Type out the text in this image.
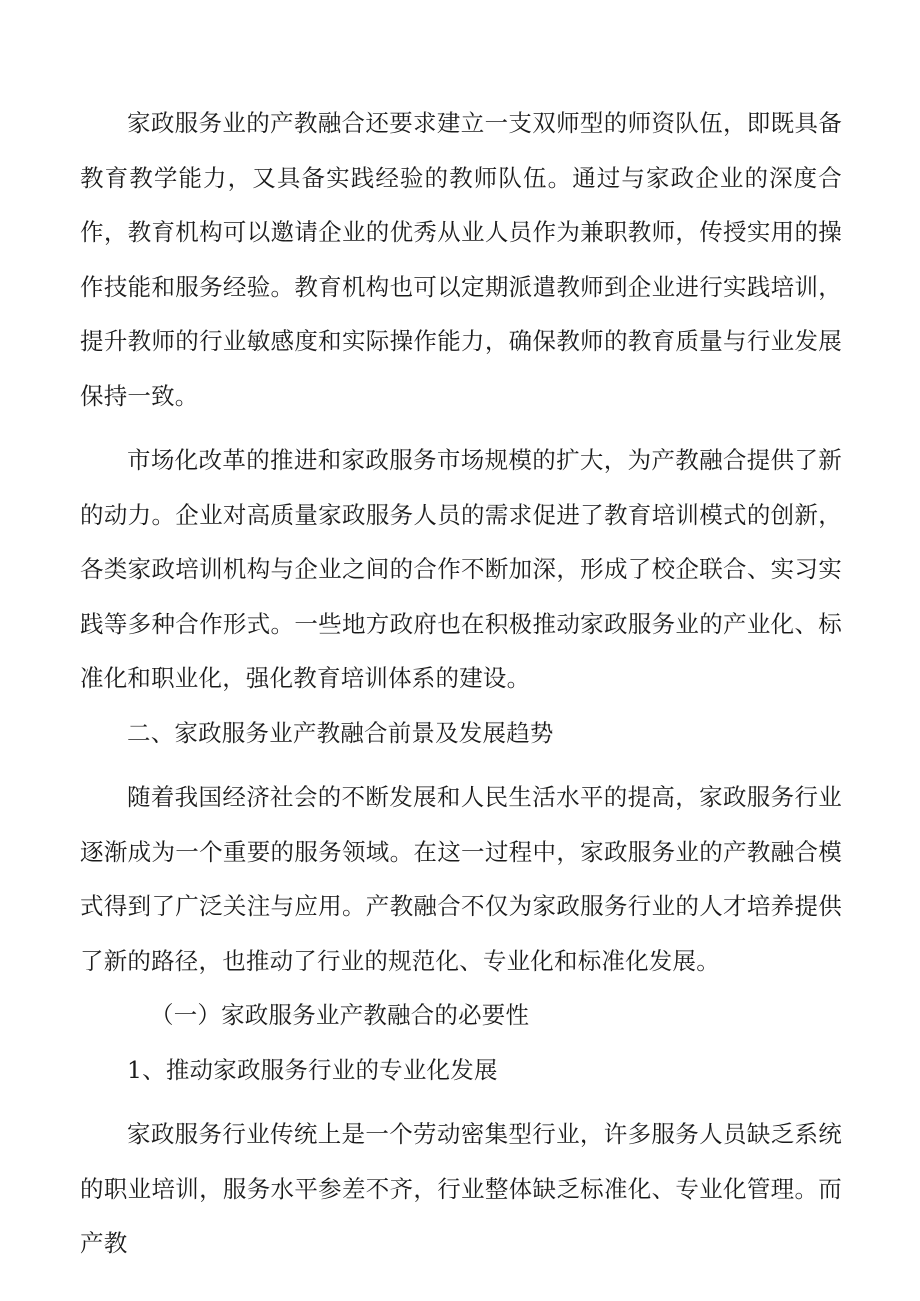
家政服务业的产教融合还要求建立一支双师型的师资队伍，即既具备教育教学能力，又具备实践经验的教师队伍。通过与家政企业的深度合作，教育机构可以邀请企业的优秀从业人员作为兼职教师，传授实用的操作技能和服务经验。教育机构也可以定期派遣教师到企业进行实践培训，提升教师的行业敏感度和实际操作能力，确保教师的教育质量与行业发展保持一致。

市场化改革的推进和家政服务市场规模的扩大，为产教融合提供了新的动力。企业对高质量家政服务人员的需求促进了教育培训模式的创新，各类家政培训机构与企业之间的合作不断加深，形成了校企联合、实习实践等多种合作形式。一些地方政府也在积极推动家政服务业的产业化、标准化和职业化，强化教育培训体系的建设。

二、家政服务业产教融合前景及发展趋势

随着我国经济社会的不断发展和人民生活水平的提高，家政服务行业逐渐成为一个重要的服务领域。在这一过程中，家政服务业的产教融合模式得到了广泛关注与应用。产教融合不仅为家政服务行业的人才培养提供了新的路径，也推动了行业的规范化、专业化和标准化发展。

（一）家政服务业产教融合的必要性

1、推动家政服务行业的专业化发展

家政服务行业传统上是一个劳动密集型行业，许多服务人员缺乏系统的职业培训，服务水平参差不齐，行业整体缺乏标准化、专业化管理。而产教
